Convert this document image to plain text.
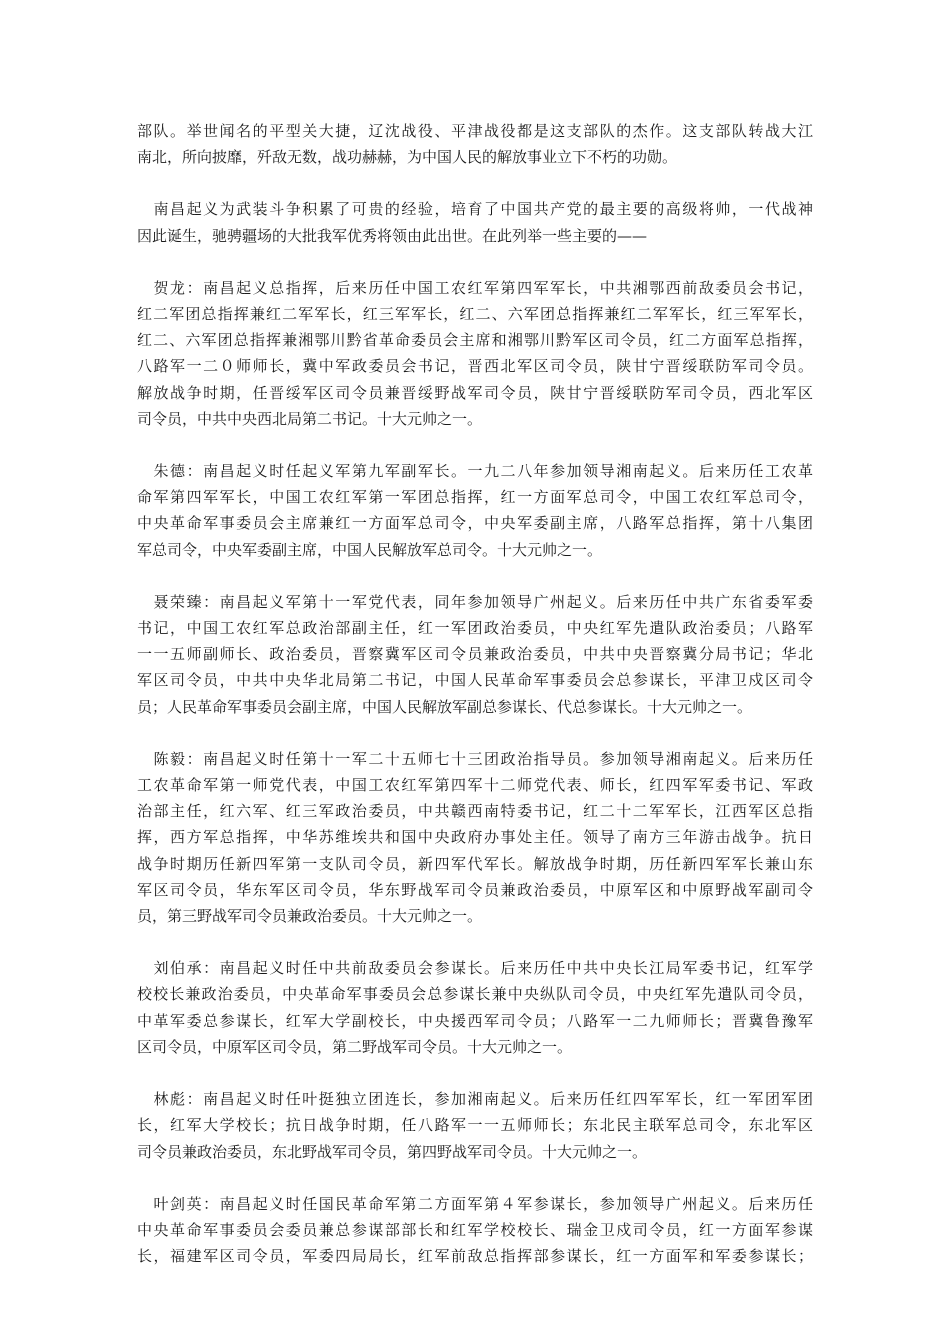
部队。举世闻名的平型关大捷，辽沈战役、平津战役都是这支部队的杰作。这支部队转战大江
南北，所向披靡，歼敌无数，战功赫赫，为中国人民的解放事业立下不朽的功勋。
　南昌起义为武装斗争积累了可贵的经验，培育了中国共产党的最主要的高级将帅，一代战神
因此诞生，驰骋疆场的大批我军优秀将领由此出世。在此列举一些主要的——
　贺龙：南昌起义总指挥，后来历任中国工农红军第四军军长，中共湘鄂西前敌委员会书记，
红二军团总指挥兼红二军军长，红三军军长，红二、六军团总指挥兼红二军军长，红三军军长，
红二、六军团总指挥兼湘鄂川黔省革命委员会主席和湘鄂川黔军区司令员，红二方面军总指挥，
八路军一二０师师长，冀中军政委员会书记，晋西北军区司令员，陕甘宁晋绥联防军司令员。
解放战争时期，任晋绥军区司令员兼晋绥野战军司令员，陕甘宁晋绥联防军司令员，西北军区
司令员，中共中央西北局第二书记。十大元帅之一。
　朱德：南昌起义时任起义军第九军副军长。一九二八年参加领导湘南起义。后来历任工农革
命军第四军军长，中国工农红军第一军团总指挥，红一方面军总司令，中国工农红军总司令，
中央革命军事委员会主席兼红一方面军总司令，中央军委副主席，八路军总指挥，第十八集团
军总司令，中央军委副主席，中国人民解放军总司令。十大元帅之一。
　聂荣臻：南昌起义军第十一军党代表，同年参加领导广州起义。后来历任中共广东省委军委
书记，中国工农红军总政治部副主任，红一军团政治委员，中央红军先遣队政治委员；八路军
一一五师副师长、政治委员，晋察冀军区司令员兼政治委员，中共中央晋察冀分局书记；华北
军区司令员，中共中央华北局第二书记，中国人民革命军事委员会总参谋长，平津卫戍区司令
员；人民革命军事委员会副主席，中国人民解放军副总参谋长、代总参谋长。十大元帅之一。
　陈毅：南昌起义时任第十一军二十五师七十三团政治指导员。参加领导湘南起义。后来历任
工农革命军第一师党代表，中国工农红军第四军十二师党代表、师长，红四军军委书记、军政
治部主任，红六军、红三军政治委员，中共赣西南特委书记，红二十二军军长，江西军区总指
挥，西方军总指挥，中华苏维埃共和国中央政府办事处主任。领导了南方三年游击战争。抗日
战争时期历任新四军第一支队司令员，新四军代军长。解放战争时期，历任新四军军长兼山东
军区司令员，华东军区司令员，华东野战军司令员兼政治委员，中原军区和中原野战军副司令
员，第三野战军司令员兼政治委员。十大元帅之一。
　刘伯承：南昌起义时任中共前敌委员会参谋长。后来历任中共中央长江局军委书记，红军学
校校长兼政治委员，中央革命军事委员会总参谋长兼中央纵队司令员，中央红军先遣队司令员，
中革军委总参谋长，红军大学副校长，中央援西军司令员；八路军一二九师师长；晋冀鲁豫军
区司令员，中原军区司令员，第二野战军司令员。十大元帅之一。
　林彪：南昌起义时任叶挺独立团连长，参加湘南起义。后来历任红四军军长，红一军团军团
长，红军大学校长；抗日战争时期，任八路军一一五师师长；东北民主联军总司令，东北军区
司令员兼政治委员，东北野战军司令员，第四野战军司令员。十大元帅之一。
　叶剑英：南昌起义时任国民革命军第二方面军第４军参谋长，参加领导广州起义。后来历任
中央革命军事委员会委员兼总参谋部部长和红军学校校长、瑞金卫戍司令员，红一方面军参谋
长，福建军区司令员，军委四局局长，红军前敌总指挥部参谋长，红一方面军和军委参谋长；
